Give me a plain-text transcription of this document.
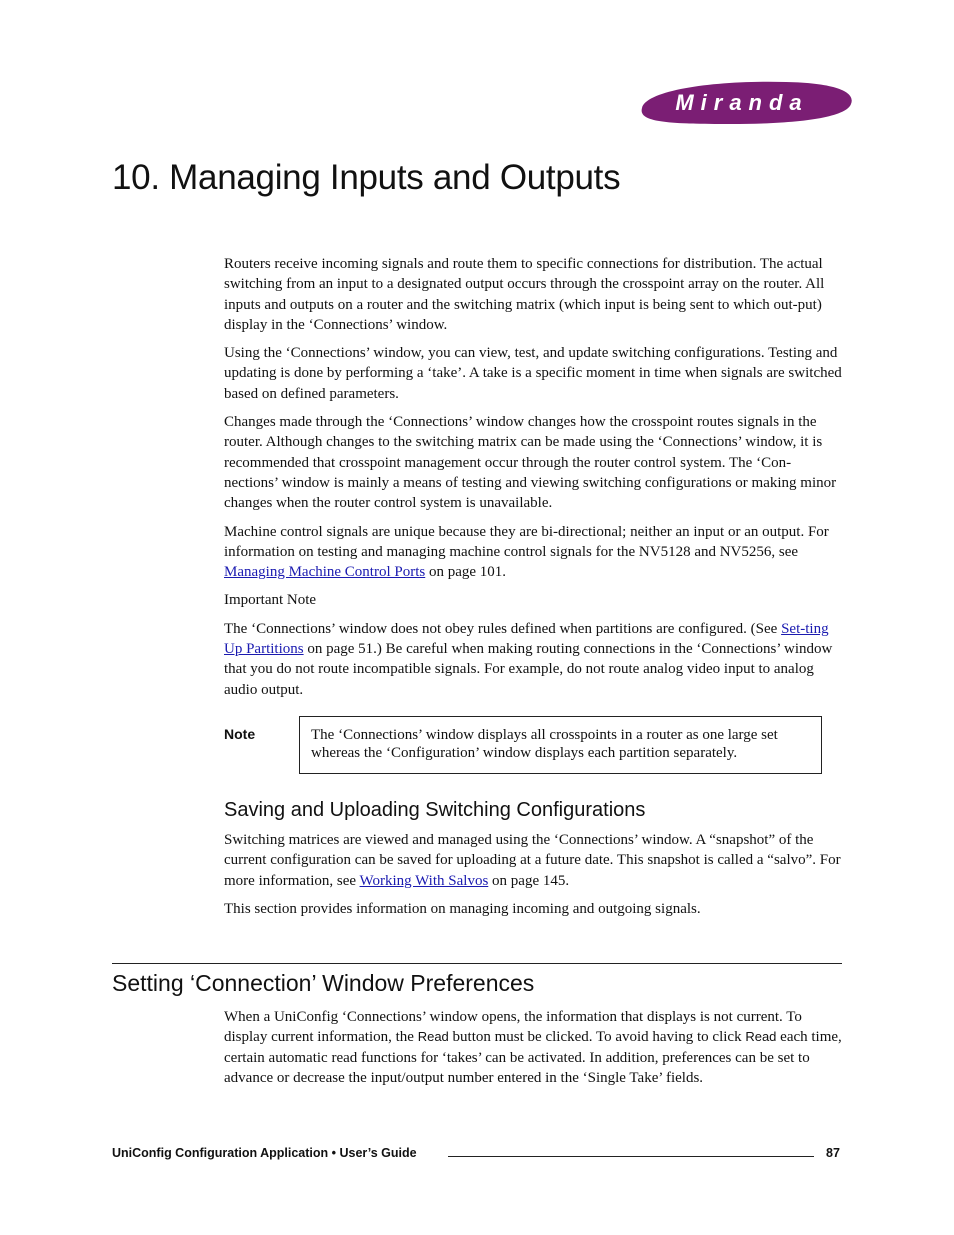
Miranda
10. Managing Inputs and Outputs

Routers receive incoming signals and route them to specific connections for distribution. The actual switching from an input to a designated output occurs through the crosspoint array on the router. All inputs and outputs on a router and the switching matrix (which input is being sent to which out-put) display in the ‘Connections’ window.

Using the ‘Connections’ window, you can view, test, and update switching configurations. Testing and updating is done by performing a ‘take’. A take is a specific moment in time when signals are switched based on defined parameters.

Changes made through the ‘Connections’ window changes how the crosspoint routes signals in the router. Although changes to the switching matrix can be made using the ‘Connections’ window, it is recommended that crosspoint management occur through the router control system. The ‘Con-nections’ window is mainly a means of testing and viewing switching configurations or making minor changes when the router control system is unavailable.

Machine control signals are unique because they are bi-directional; neither an input or an output. For information on testing and managing machine control signals for the NV5128 and NV5256, see Managing Machine Control Ports on page 101.

Important Note

The ‘Connections’ window does not obey rules defined when partitions are configured. (See Set-ting Up Partitions on page 51.) Be careful when making routing connections in the ‘Connections’ window that you do not route incompatible signals. For example, do not route analog video input to analog audio output.

Note	The ‘Connections’ window displays all crosspoints in a router as one large set whereas the ‘Configuration’ window displays each partition separately.
Saving and Uploading Switching Configurations

Switching matrices are viewed and managed using the ‘Connections’ window. A “snapshot” of the current configuration can be saved for uploading at a future date. This snapshot is called a “salvo”. For more information, see Working With Salvos on page 145.

This section provides information on managing incoming and outgoing signals.

Setting ‘Connection’ Window Preferences

When a UniConfig ‘Connections’ window opens, the information that displays is not current. To display current information, the Read button must be clicked. To avoid having to click Read each time, certain automatic read functions for ‘takes’ can be activated. In addition, preferences can be set to advance or decrease the input/output number entered in the ‘Single Take’ fields.

UniConfig Configuration Application • User’s Guide	87
